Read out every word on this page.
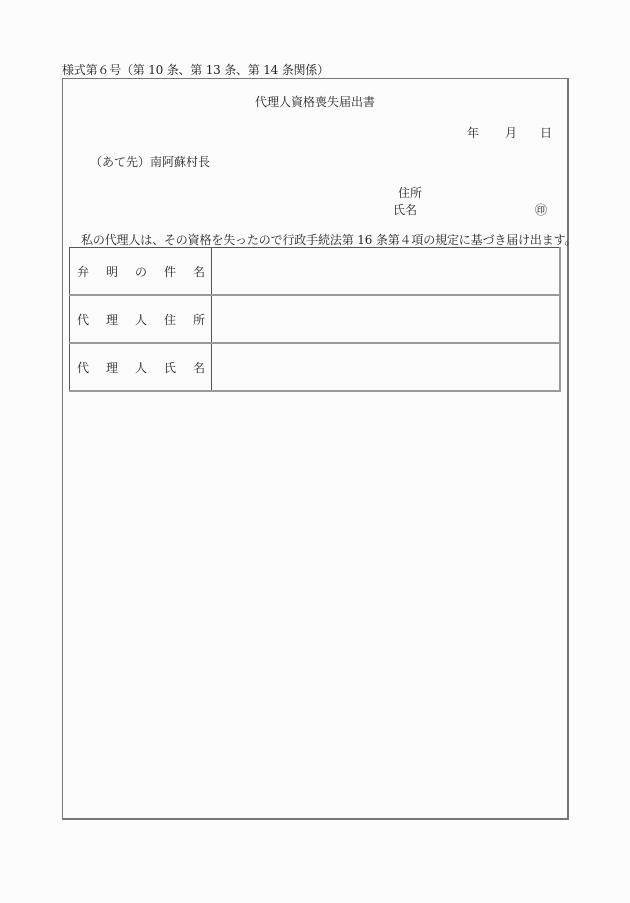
様式第６号（第 10 条、第 13 条、第 14 条関係）
代理人資格喪失届出書
年 月 日
（あて先）南阿蘇村長
住所
氏名	㊞
私の代理人は、その資格を失ったので行政手続法第 16 条第４項の規定に基づき届け出ます。
弁 明 の 件 名	

代 理 人 住 所	

代 理 人 氏 名	
